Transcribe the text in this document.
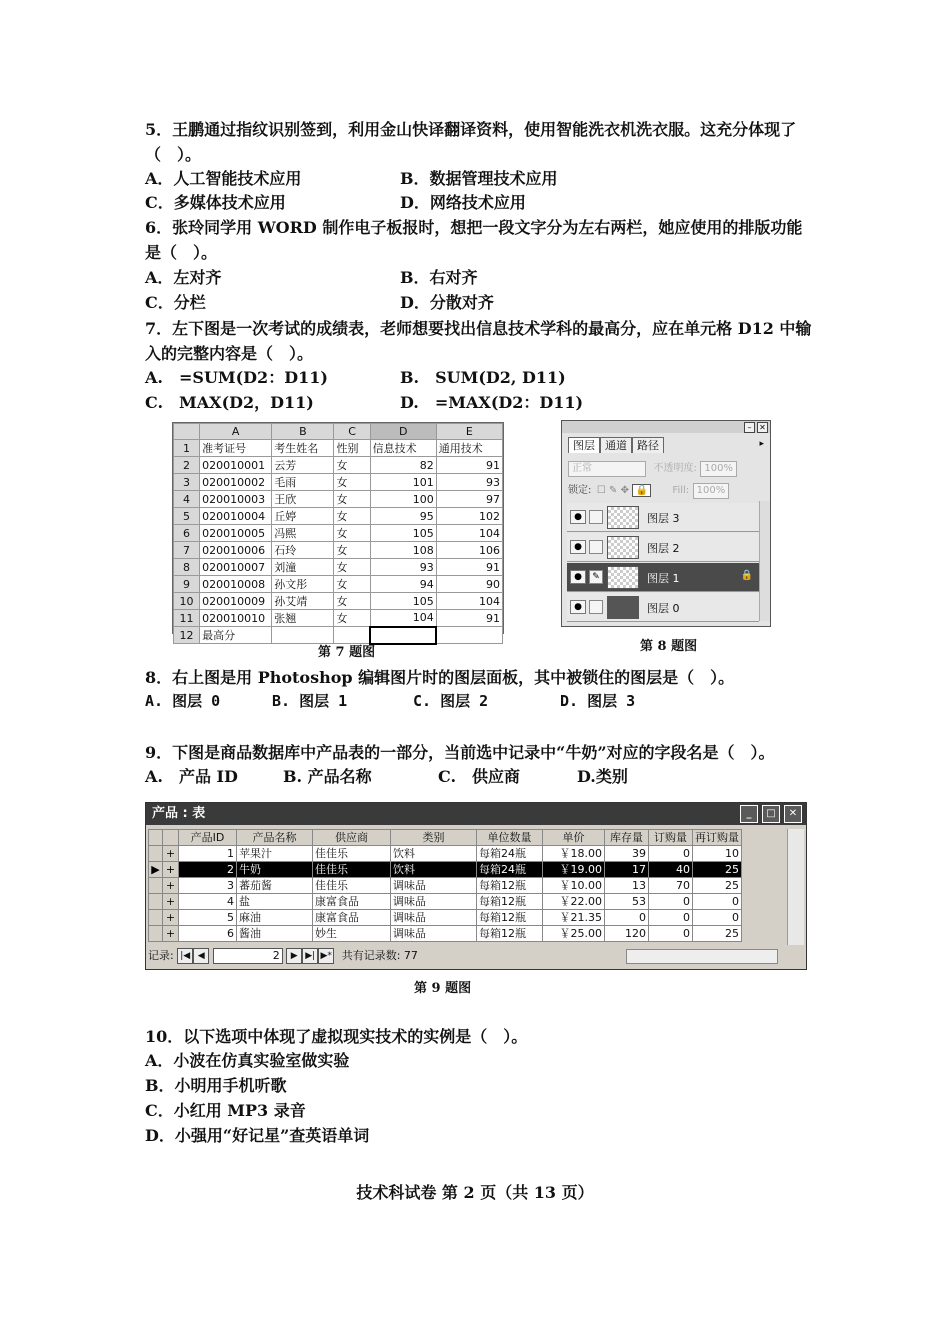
5．王鹏通过指纹识别签到，利用金山快译翻译资料，使用智能洗衣机洗衣服。这充分体现了（　）。
A．人工智能技术应用	B．数据管理技术应用
C．多媒体技术应用	D．网络技术应用
6．张玲同学用 WORD 制作电子板报时，想把一段文字分为左右两栏，她应使用的排版功能是（　）。
A．左对齐	B．右对齐
C．分栏	D．分散对齐
7．左下图是一次考试的成绩表，老师想要找出信息技术学科的最高分，应在单元格 D12 中输入的完整内容是（　）。
A.　=SUM(D2：D11)	B.　SUM(D2, D11)
C.　MAX(D2，D11)	D.　=MAX(D2：D11)
	A	B	C	D	E
1	准考证号	考生姓名	性别	信息技术	通用技术
2	020010001	云芳	女	82	91
3	020010002	毛雨	女	101	93
4	020010003	王欣	女	100	97
5	020010004	丘婷	女	95	102
6	020010005	冯熙	女	105	104
7	020010006	石玲	女	108	106
8	020010007	刘潼	女	93	91
9	020010008	孙文彤	女	94	90
10	020010009	孙艾靖	女	105	104
11	020010010	张翘	女	104	91
12	最高分				
第 7 题图
– ✕
图层 通道 路径	▸
正常	不透明度: 100%
锁定: ☐ ✎ ✥ 🔒 Fill: 100%
●	图层 3
●	图层 2
●	✎	图层 1	🔒
●	图层 0
第 8 题图
8．右上图是用 Photoshop 编辑图片时的图层面板，其中被锁住的图层是（　）。
A. 图层 0	B. 图层 1	C. 图层 2	D. 图层 3
9．下图是商品数据库中产品表的一部分，当前选中记录中“牛奶”对应的字段名是（　）。
A.　产品 ID	B. 产品名称	C.　供应商	D.类别
产品 : 表	_	□	✕
		产品ID	产品名称	供应商	类别	单位数量	单价	库存量	订购量	再订购量
	+	1	苹果汁	佳佳乐	饮料	每箱24瓶	￥18.00	39	0	10
▶	+	2	牛奶	佳佳乐	饮料	每箱24瓶	￥19.00	17	40	25
	+	3	蕃茄酱	佳佳乐	调味品	每箱12瓶	￥10.00	13	70	25
	+	4	盐	康富食品	调味品	每箱12瓶	￥22.00	53	0	0
	+	5	麻油	康富食品	调味品	每箱12瓶	￥21.35	0	0	0
	+	6	酱油	妙生	调味品	每箱12瓶	￥25.00	120	0	25
记录: |◀ ◀	2 ▶ ▶| ▶* 共有记录数: 77
第 9 题图
10．以下选项中体现了虚拟现实技术的实例是（　）。
A．小波在仿真实验室做实验
B．小明用手机听歌
C．小红用 MP3 录音
D．小强用“好记星”查英语单词
技术科试卷 第 2 页（共 13 页）
